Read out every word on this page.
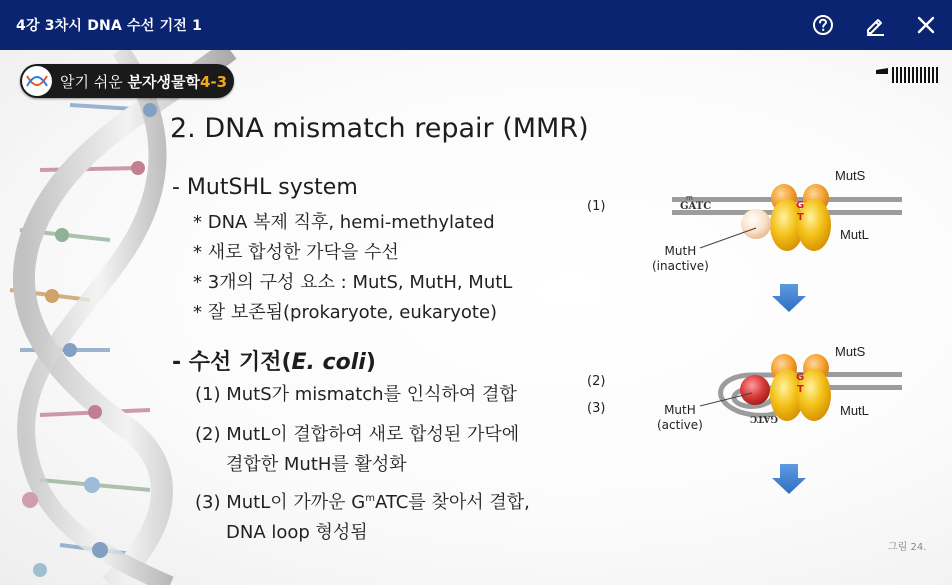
4강 3차시 DNA 수선 기전 1
알기 쉬운 분자생물학4-3
2. DNA mismatch repair (MMR)
- MutSHL system
* DNA 복제 직후, hemi-methylated
* 새로 합성한 가닥을 수선
* 3개의 구성 요소 : MutS, MutH, MutL
* 잘 보존됨(prokaryote, eukaryote)
- 수선 기전(E. coli)
(1) MutS가 mismatch를 인식하여 결합
(2) MutL이 결합하여 새로 합성된 가닥에
결합한 MutH를 활성화
(3) MutL이 가까운 $G^mATC$를 찾아서 결합,
DNA loop 형성됨
(1)
(2)
(3)
GATC
m
G
T
MutS
MutL
G
T
GATC
MutS
MutL
MutH
(inactive)
MutH
(active)
그림 24.
